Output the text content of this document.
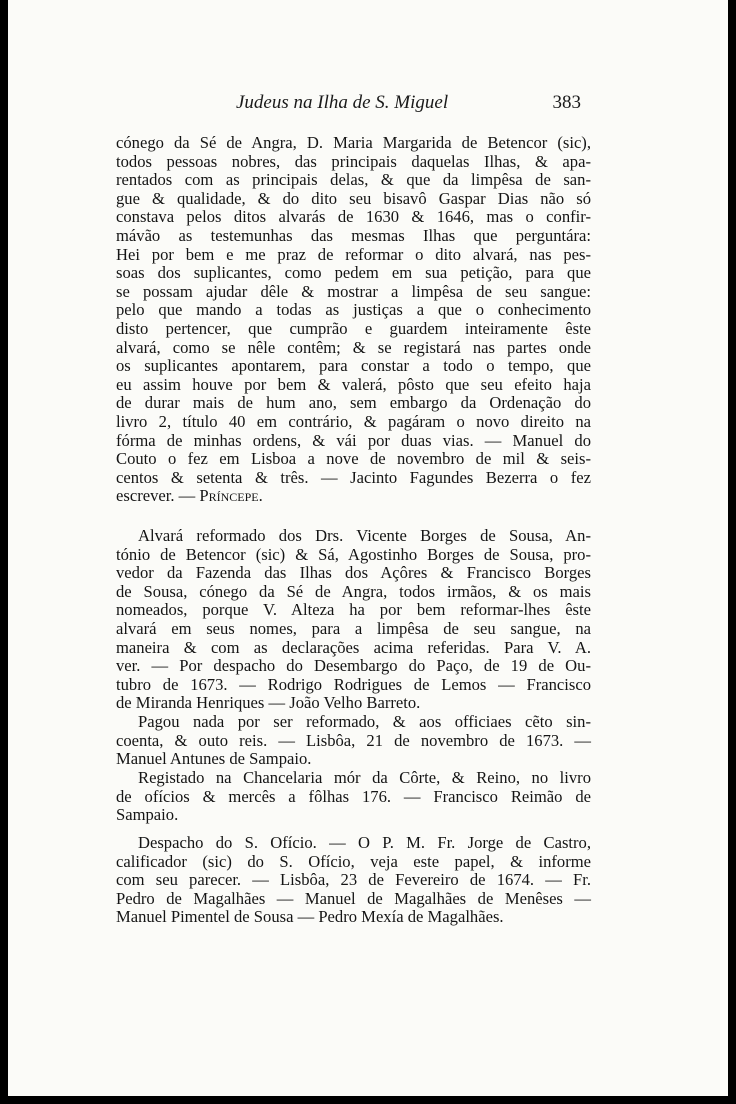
Judeus na Ilha de S. Miguel	383
cónego da Sé de Angra, D. Maria Margarida de Betencor (sic),
todos pessoas nobres, das principais daquelas Ilhas, & apa-
rentados com as principais delas, & que da limpêsa de san-
gue & qualidade, & do dito seu bisavô Gaspar Dias não só
constava pelos ditos alvarás de 1630 & 1646, mas o confir-
mávão as testemunhas das mesmas Ilhas que perguntára:
Hei por bem e me praz de reformar o dito alvará, nas pes-
soas dos suplicantes, como pedem em sua petição, para que
se possam ajudar dêle & mostrar a limpêsa de seu sangue:
pelo que mando a todas as justiças a que o conhecimento
disto pertencer, que cumprão e guardem inteiramente êste
alvará, como se nêle contêm; & se registará nas partes onde
os suplicantes apontarem, para constar a todo o tempo, que
eu assim houve por bem & valerá, pôsto que seu efeito haja
de durar mais de hum ano, sem embargo da Ordenação do
livro 2, título 40 em contrário, & pagáram o novo direito na
fórma de minhas ordens, & vái por duas vias. — Manuel do
Couto o fez em Lisboa a nove de novembro de mil & seis-
centos & setenta & três. — Jacinto Fagundes Bezerra o fez
escrever. — Príncepe.
Alvará reformado dos Drs. Vicente Borges de Sousa, An-
tónio de Betencor (sic) & Sá, Agostinho Borges de Sousa, pro-
vedor da Fazenda das Ilhas dos Açôres & Francisco Borges
de Sousa, cónego da Sé de Angra, todos irmãos, & os mais
nomeados, porque V. Alteza ha por bem reformar-lhes êste
alvará em seus nomes, para a limpêsa de seu sangue, na
maneira & com as declarações acima referidas. Para V. A.
ver. — Por despacho do Desembargo do Paço, de 19 de Ou-
tubro de 1673. — Rodrigo Rodrigues de Lemos — Francisco
de Miranda Henriques — João Velho Barreto.
Pagou nada por ser reformado, & aos officiaes cẽto sin-
coenta, & outo reis. — Lisbôa, 21 de novembro de 1673. —
Manuel Antunes de Sampaio.
Registado na Chancelaria mór da Côrte, & Reino, no livro
de ofícios & mercês a fôlhas 176. — Francisco Reimão de
Sampaio.
Despacho do S. Ofício. — O P. M. Fr. Jorge de Castro,
calificador (sic) do S. Ofício, veja este papel, & informe
com seu parecer. — Lisbôa, 23 de Fevereiro de 1674. — Fr.
Pedro de Magalhães — Manuel de Magalhães de Menêses —
Manuel Pimentel de Sousa — Pedro Mexía de Magalhães.
